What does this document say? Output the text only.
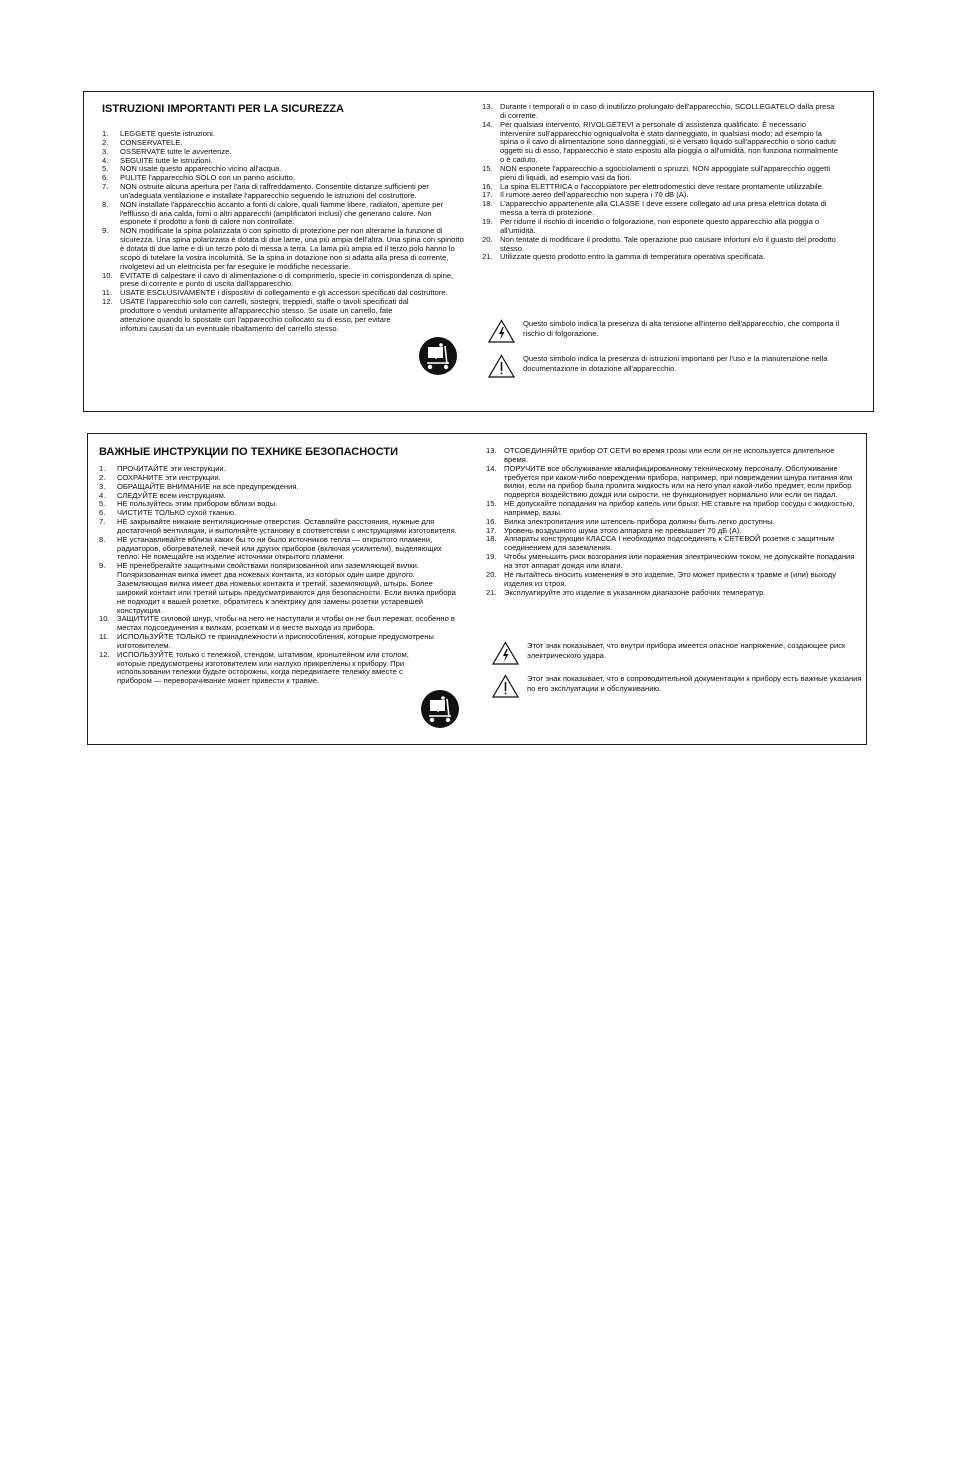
ISTRUZIONI IMPORTANTI PER LA SICUREZZA
1. LEGGETE queste istruzioni.
2. CONSERVATELE.
3. OSSERVATE tutte le avvertenze.
4. SEGUITE tutte le istruzioni.
5. NON usate questo apparecchio vicino all'acqua.
6. PULITE l'apparecchio SOLO con un panno asciutto.
7. NON ostruite alcuna apertura per l'aria di raffreddamento. Consentite distanze sufficienti per un'adeguata ventilazione e installate l'apparecchio seguendo le istruzioni del costruttore.
8. NON installate l'apparecchio accanto a fonti di calore, quali fiamme libere, radiatori, aperture per l'efflusso di aria calda, forni o altri apparecchi (amplificatori inclusi) che generano calore. Non esponete il prodotto a fonti di calore non controllate.
9. NON modificate la spina polarizzata o con spinotto di protezione per non alterarne la funzione di sicurezza. Una spina polarizzata è dotata di due lame, una più ampia dell'altra. Una spina con spinotto è dotata di due lame e di un terzo polo di messa a terra. La lama più ampia ed il terzo polo hanno lo scopo di tutelare la vostra incolumità. Se la spina in dotazione non si adatta alla presa di corrente, rivolgetevi ad un elettricista per far eseguire le modifiche necessarie.
10. EVITATE di calpestare il cavo di alimentazione o di comprimerlo, specie in corrispondenza di spine, prese di corrente e punto di uscita dall'apparecchio.
11. USATE ESCLUSIVAMENTE i dispositivi di collegamento e gli accessori specificati dal costruttore.
12. USATE l'apparecchio solo con carrelli, sostegni, treppiedi, staffe o tavoli specificati dal produttore o venduti unitamente all'apparecchio stesso. Se usate un carrello, fate attenzione quando lo spostate con l'apparecchio collocato su di esso, per evitare infortuni causati da un eventuale ribaltamento del carrello stesso.
13. Durante i temporali o in caso di inutilizzo prolungato dell'apparecchio, SCOLLEGATELO dalla presa di corrente.
14. Per qualsiasi intervento, RIVOLGETEVI a personale di assistenza qualificato. È necessario intervenire sull'apparecchio ogniqualvolta è stato danneggiato, in qualsiasi modo; ad esempio la spina o il cavo di alimentazione sono danneggiati, si è versato liquido sull'apparecchio o sono caduti oggetti su di esso, l'apparecchio è stato esposto alla pioggia o all'umidità, non funziona normalmente o è caduto.
15. NON esponete l'apparecchio a sgocciolamenti o spruzzi. NON appoggiate sull'apparecchio oggetti pieni di liquidi, ad esempio vasi da fiori.
16. La spina ELETTRICA o l'accoppiatore per elettrodomestici deve restare prontamente utilizzabile.
17. Il rumore aereo dell'apparecchio non supera i 70 dB (A).
18. L'apparecchio appartenente alla CLASSE I deve essere collegato ad una presa elettrica dotata di messa a terra di protezione.
19. Per ridurre il rischio di incendio o folgorazione, non esponete questo apparecchio alla pioggia o all'umidità.
20. Non tentate di modificare il prodotto. Tale operazione può causare infortuni e/o il guasto del prodotto stesso.
21. Utilizzate questo prodotto entro la gamma di temperatura operativa specificata.
Questo simbolo indica la presenza di alta tensione all'interno dell'apparecchio, che comporta il rischio di folgorazione.
Questo simbolo indica la presenza di istruzioni importanti per l'uso e la manutenzione nella documentazione in dotazione all'apparecchio.
ВАЖНЫЕ ИНСТРУКЦИИ ПО ТЕХНИКЕ БЕЗОПАСНОСТИ
1. ПРОЧИТАЙТЕ эти инструкции.
2. СОХРАНИТЕ эти инструкции.
3. ОБРАЩАЙТЕ ВНИМАНИЕ на все предупреждения.
4. СЛЕДУЙТЕ всем инструкциям.
5. НЕ пользуйтесь этим прибором вблизи воды.
6. ЧИСТИТЕ ТОЛЬКО сухой тканью.
7. НЕ закрывайте никакие вентиляционные отверстия. Оставляйте расстояния, нужные для достаточной вентиляции, и выполняйте установку в соответствии с инструкциями изготовителя.
8. НЕ устанавливайте вблизи каких бы то ни было источников тепла — открытого пламени, радиаторов, обогревателей, печей или других приборов (включая усилители), выделяющих тепло. Не помещайте на изделие источники открытого пламени.
9. НЕ пренебрегайте защитными свойствами поляризованной или заземляющей вилки. Поляризованная вилка имеет два ножевых контакта, из которых один шире другого. Заземляющая вилка имеет два ножевых контакта и третий, заземляющий, штырь. Более широкий контакт или третий штырь предусматриваются для безопасности. Если вилка прибора не подходит к вашей розетке, обратитесь к электрику для замены розетки устаревшей конструкции.
10. ЗАЩИТИТЕ силовой шнур, чтобы на него не наступали и чтобы он не был пережат, особенно в местах подсоединения к вилкам, розеткам и в месте выхода из прибора.
11. ИСПОЛЬЗУЙТЕ ТОЛЬКО те принадлежности и приспособления, которые предусмотрены изготовителем.
12. ИСПОЛЬЗУЙТЕ только с тележкой, стендом, штативом, кронштейном или столом, которые предусмотрены изготовителем или наглухо прикреплены к прибору. При использовании тележки будьте осторожны, когда передвигаете тележку вместе с прибором — переворачивание может привести к травме.
13. ОТСОЕДИНЯЙТЕ прибор ОТ СЕТИ во время грозы или если он не используется длительное время.
14. ПОРУЧИТЕ все обслуживание квалифицированному техническому персоналу. Обслуживание требуется при каком-либо повреждении прибора, например, при повреждении шнура питания или вилки, если на прибор была пролита жидкость или на него упал какой-либо предмет, если прибор подвергся воздействию дождя или сырости, не функционирует нормально или если он падал.
15. НЕ допускайте попадания на прибор капель или брызг. НЕ ставьте на прибор сосуды с жидкостью, например, вазы.
16. Вилка электропитания или штепсель прибора должны быть легко доступны.
17. Уровень воздушного шума этого аппарата не превышает 70 дБ (А).
18. Аппараты конструкции КЛАССА I необходимо подсоединять к СЕТЕВОЙ розетке с защитным соединением для заземления.
19. Чтобы уменьшить риск возгорания или поражения электрическим током, не допускайте попадания на этот аппарат дождя или влаги.
20. Не пытайтесь вносить изменения в это изделие. Это может привести к травме и (или) выходу изделия из строя.
21. Эксплуатируйте это изделие в указанном диапазоне рабочих температур.
Этот знак показывает, что внутри прибора имеется опасное напряжение, создающее риск электрического удара.
Этот знак показывает, что в сопроводительной документации к прибору есть важные указания по его эксплуатации и обслуживанию.
